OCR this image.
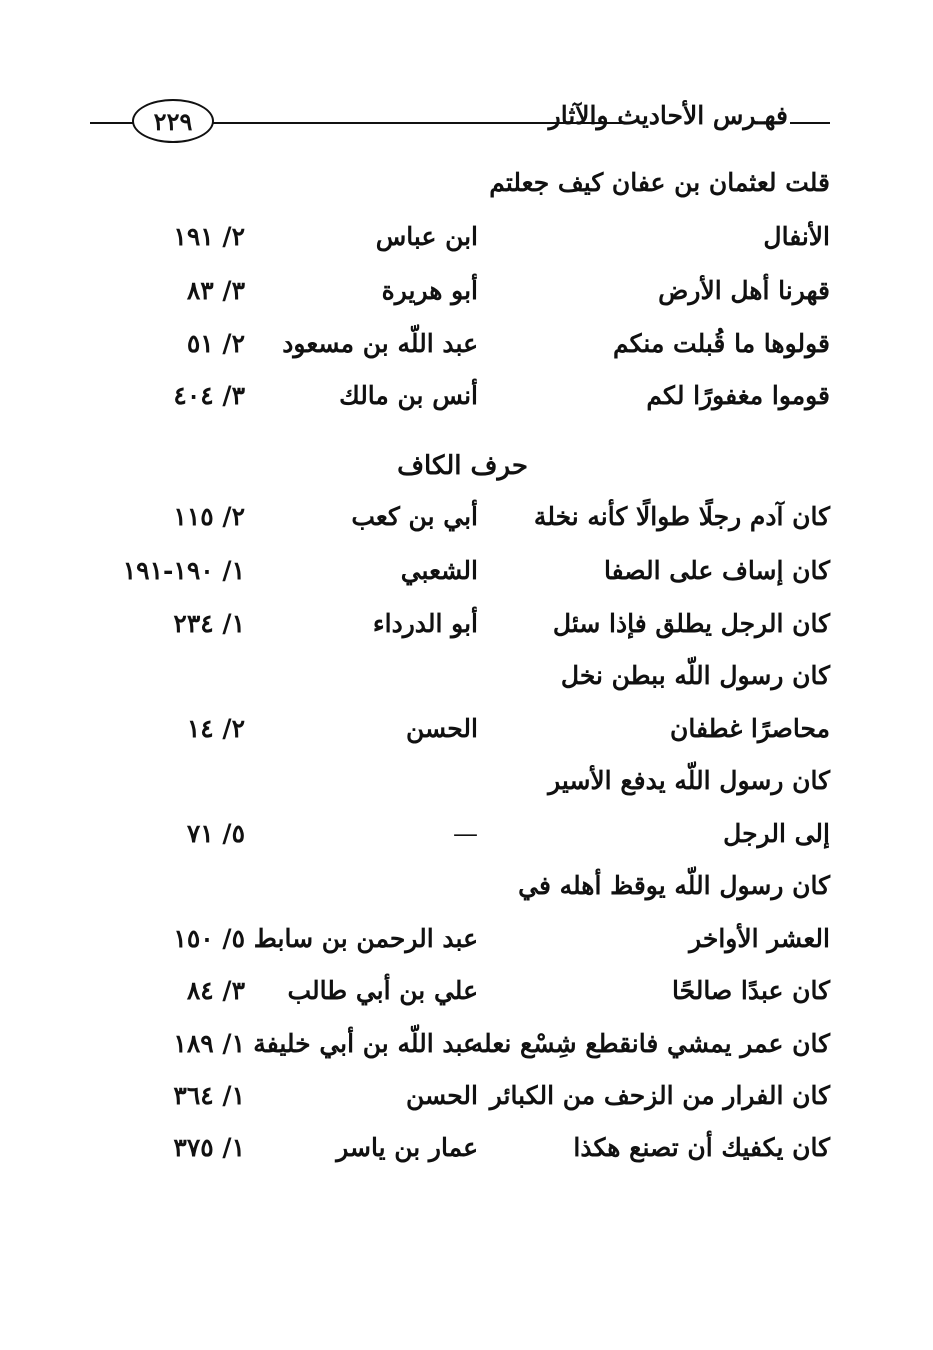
٢٢٩	فهـرس الأحاديث والآثار
قلت لعثمان بن عفان كيف جعلتم
الأنفال
ابن عباس
٢/ ١٩١
قهرنا أهل الأرض
أبو هريرة
٣/ ٨٣
قولوها ما قُبلت منكم
عبد اللّه بن مسعود
٢/ ٥١
قوموا مغفورًا لكم
أنس بن مالك
٣/ ٤٠٤
حرف الكاف
كان آدم رجلًا طوالًا كأنه نخلة
أبي بن كعب
٢/ ١١٥
كان إساف على الصفا
الشعبي
١/ ١٩٠-١٩١
كان الرجل يطلق فإذا سئل
أبو الدرداء
١/ ٢٣٤
كان رسول اللّه ببطن نخل
محاصرًا غطفان
الحسن
٢/ ١٤
كان رسول اللّه يدفع الأسير
إلى الرجل
—
٥/ ٧١
كان رسول اللّه يوقظ أهله في
العشر الأواخر
عبد الرحمن بن سابط
٥/ ١٥٠
كان عبدًا صالحًا
علي بن أبي طالب
٣/ ٨٤
كان عمر يمشي فانقطع شِسْع نعله
عبد اللّه بن أبي خليفة
١/ ١٨٩
كان الفرار من الزحف من الكبائر
الحسن
١/ ٣٦٤
كان يكفيك أن تصنع هكذا
عمار بن ياسر
١/ ٣٧٥
